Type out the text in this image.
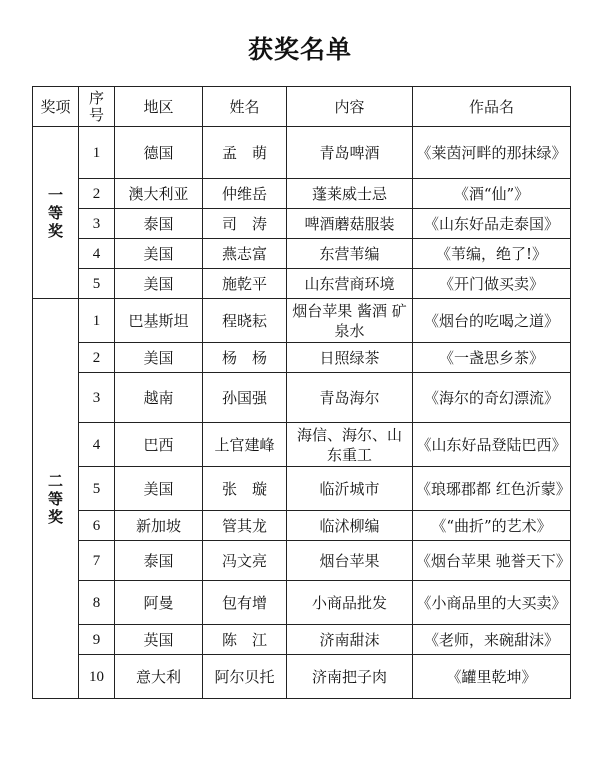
获奖名单
奖项	序号	地区	姓名	内容	作品名

一等奖	1	德国	孟　萌	青岛啤酒	《莱茵河畔的那抹绿》
	2	澳大利亚	仲维岳	蓬莱威士忌	《酒“仙”》
	3	泰国	司　涛	啤酒蘑菇服装	《山东好品走泰国》
	4	美国	燕志富	东营苇编	《苇编，绝了!》
	5	美国	施乾平	山东营商环境	《开门做买卖》

二等奖	1	巴基斯坦	程晓耘	烟台苹果 酱酒 矿泉水	《烟台的吃喝之道》
	2	美国	杨　杨	日照绿茶	《一盏思乡茶》
	3	越南	孙国强	青岛海尔	《海尔的奇幻漂流》
	4	巴西	上官建峰	海信、海尔、山东重工	《山东好品登陆巴西》
	5	美国	张　璇	临沂城市	《琅琊郡都 红色沂蒙》
	6	新加坡	管其龙	临沭柳编	《“曲折”的艺术》
	7	泰国	冯文亮	烟台苹果	《烟台苹果 驰誉天下》
	8	阿曼	包有增	小商品批发	《小商品里的大买卖》
	9	英国	陈　江	济南甜沫	《老师，来碗甜沫》
	10	意大利	阿尔贝托	济南把子肉	《罐里乾坤》
